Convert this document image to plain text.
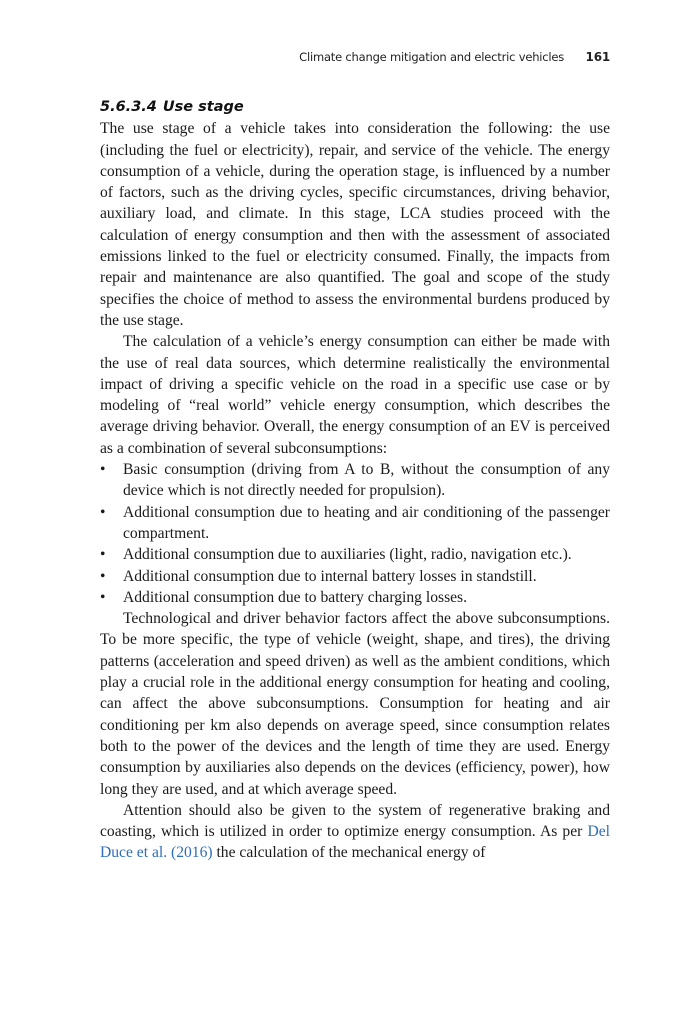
Climate change mitigation and electric vehicles 161
5.6.3.4 Use stage

The use stage of a vehicle takes into consideration the following: the use (including the fuel or electricity), repair, and service of the vehicle. The energy consumption of a vehicle, during the operation stage, is influenced by a number of factors, such as the driving cycles, specific circumstances, driving behavior, auxiliary load, and climate. In this stage, LCA studies proceed with the calculation of energy consumption and then with the assessment of associated emissions linked to the fuel or electricity consumed. Finally, the impacts from repair and maintenance are also quantified. The goal and scope of the study specifies the choice of method to assess the environmental burdens produced by the use stage.

The calculation of a vehicle’s energy consumption can either be made with the use of real data sources, which determine realistically the environmental impact of driving a specific vehicle on the road in a specific use case or by modeling of “real world” vehicle energy consumption, which describes the average driving behavior. Overall, the energy consumption of an EV is perceived as a combination of several subconsumptions:

• Basic consumption (driving from A to B, without the consumption of any device which is not directly needed for propulsion).
• Additional consumption due to heating and air conditioning of the passenger compartment.
• Additional consumption due to auxiliaries (light, radio, navigation etc.).
• Additional consumption due to internal battery losses in standstill.
• Additional consumption due to battery charging losses.

Technological and driver behavior factors affect the above subconsumptions. To be more specific, the type of vehicle (weight, shape, and tires), the driving patterns (acceleration and speed driven) as well as the ambient conditions, which play a crucial role in the additional energy consumption for heating and cooling, can affect the above subconsumptions. Consumption for heating and air conditioning per km also depends on average speed, since consumption relates both to the power of the devices and the length of time they are used. Energy consumption by auxiliaries also depends on the devices (efficiency, power), how long they are used, and at which average speed.

Attention should also be given to the system of regenerative braking and coasting, which is utilized in order to optimize energy consumption. As per Del Duce et al. (2016) the calculation of the mechanical energy of
